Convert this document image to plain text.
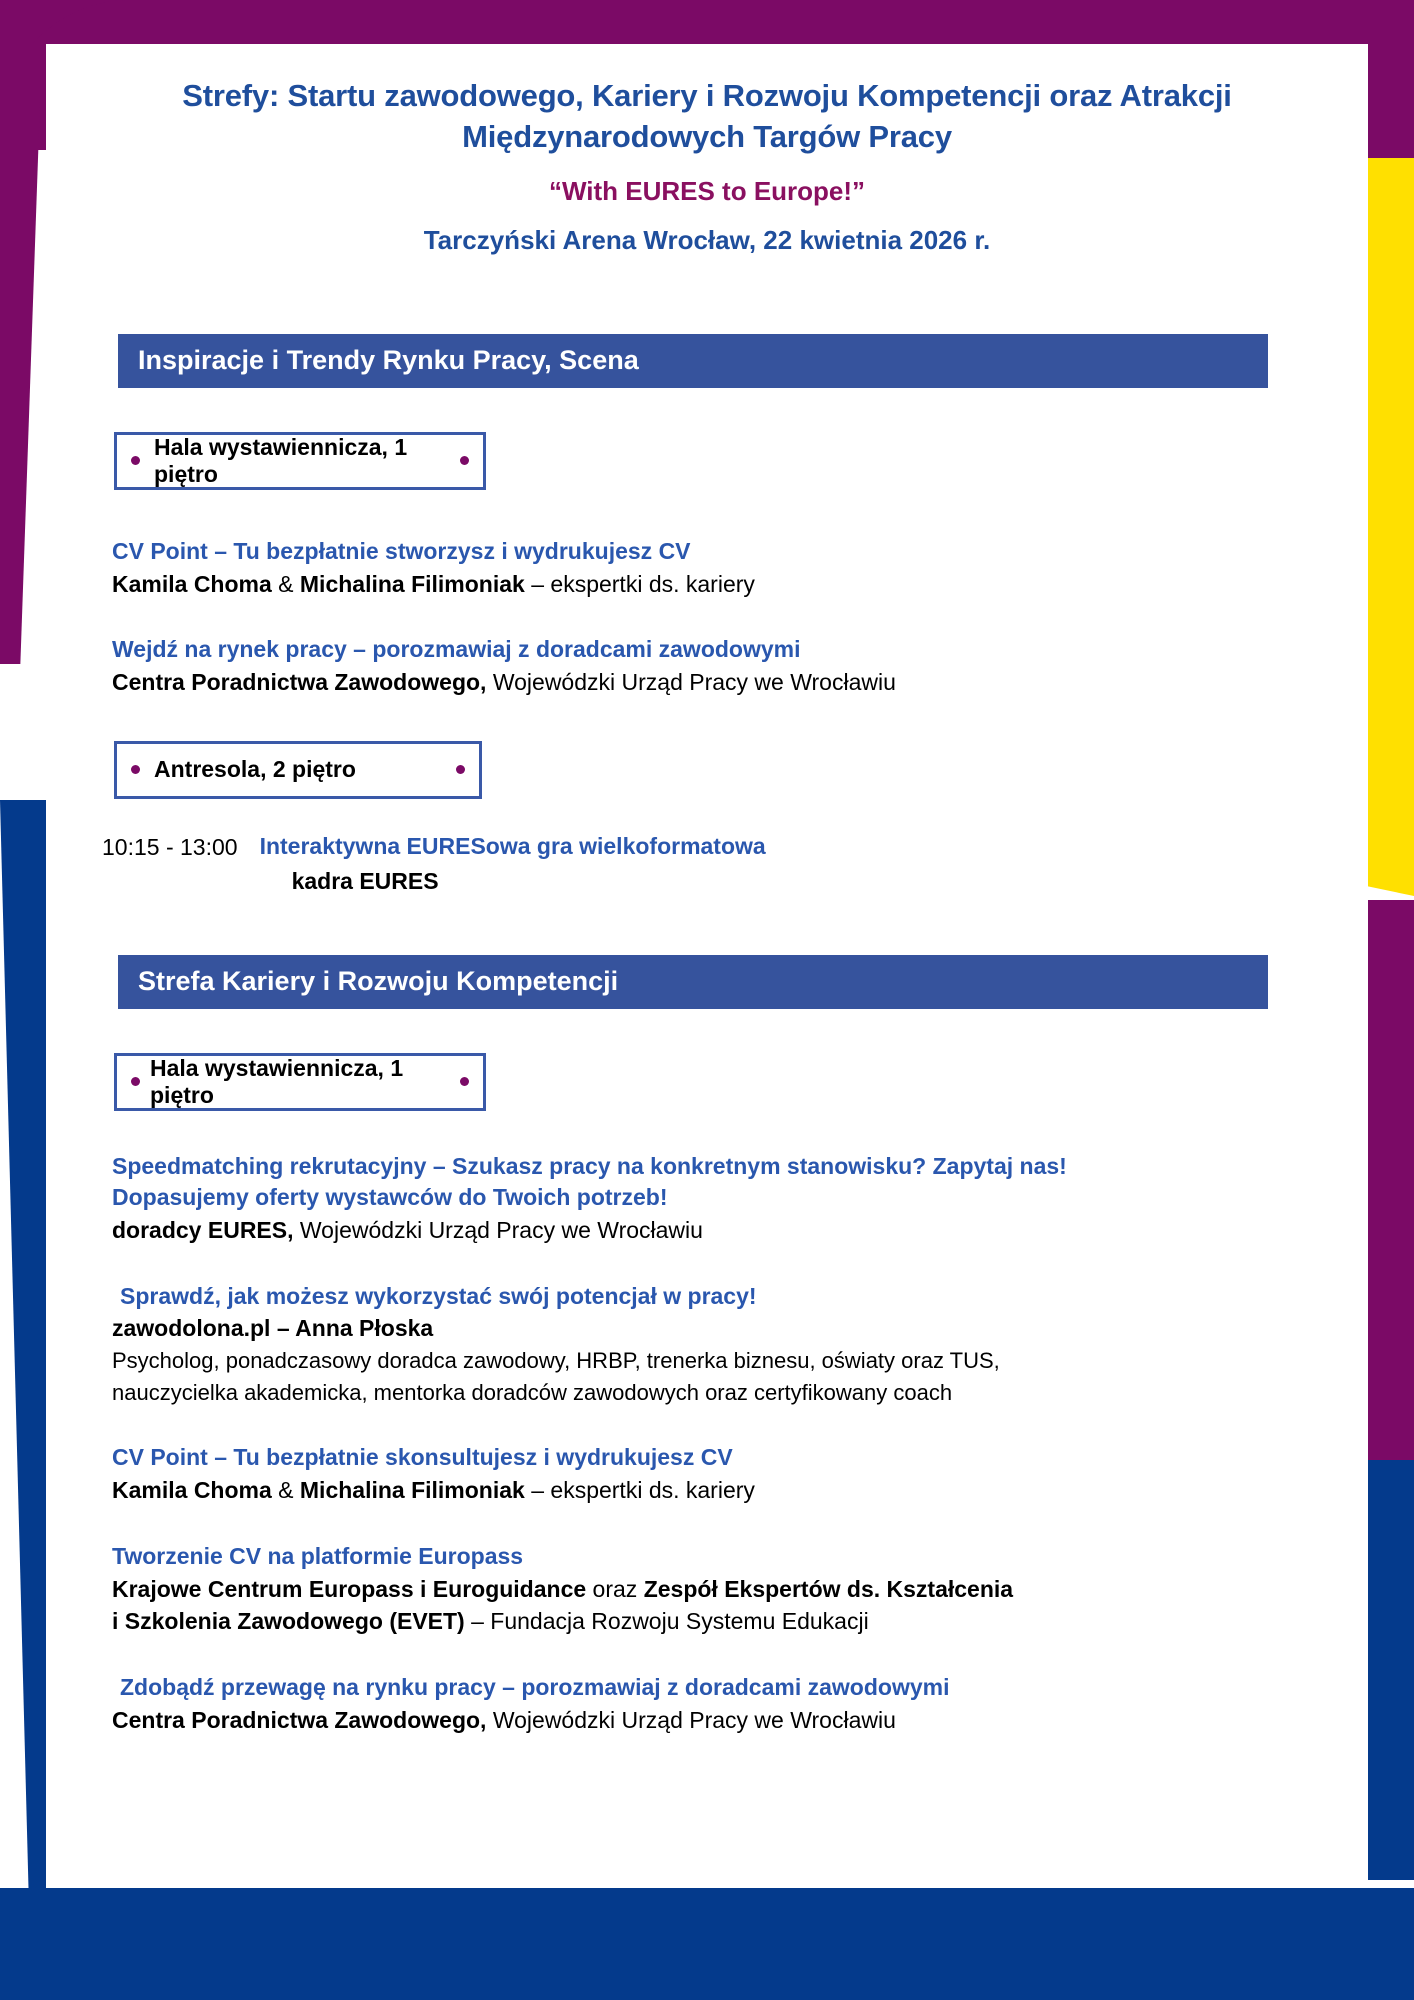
Strefy: Startu zawodowego, Kariery i Rozwoju Kompetencji oraz Atrakcji
Międzynarodowych Targów Pracy
“With EURES to Europe!”
Tarczyński Arena Wrocław, 22 kwietnia 2026 r.
Inspiracje i Trendy Rynku Pracy, Scena
Hala wystawiennicza, 1 piętro
CV Point – Tu bezpłatnie stworzysz i wydrukujesz CV
Kamila Choma & Michalina Filimoniak – ekspertki ds. kariery
Wejdź na rynek pracy – porozmawiaj z doradcami zawodowymi
Centra Poradnictwa Zawodowego, Wojewódzki Urząd Pracy we Wrocławiu
Antresola, 2 piętro
10:15 - 13:00 Interaktywna EURESowa gra wielkoformatowa
kadra EURES
Strefa Kariery i Rozwoju Kompetencji
Hala wystawiennicza, 1 piętro
Speedmatching rekrutacyjny – Szukasz pracy na konkretnym stanowisku? Zapytaj nas!
Dopasujemy oferty wystawców do Twoich potrzeb!
doradcy EURES, Wojewódzki Urząd Pracy we Wrocławiu
Sprawdź, jak możesz wykorzystać swój potencjał w pracy!
zawodolona.pl – Anna Płoska
Psycholog, ponadczasowy doradca zawodowy, HRBP, trenerka biznesu, oświaty oraz TUS,
nauczycielka akademicka, mentorka doradców zawodowych oraz certyfikowany coach
CV Point – Tu bezpłatnie skonsultujesz i wydrukujesz CV
Kamila Choma & Michalina Filimoniak – ekspertki ds. kariery
Tworzenie CV na platformie Europass
Krajowe Centrum Europass i Euroguidance oraz Zespół Ekspertów ds. Kształcenia
i Szkolenia Zawodowego (EVET) – Fundacja Rozwoju Systemu Edukacji
Zdobądź przewagę na rynku pracy – porozmawiaj z doradcami zawodowymi
Centra Poradnictwa Zawodowego, Wojewódzki Urząd Pracy we Wrocławiu
